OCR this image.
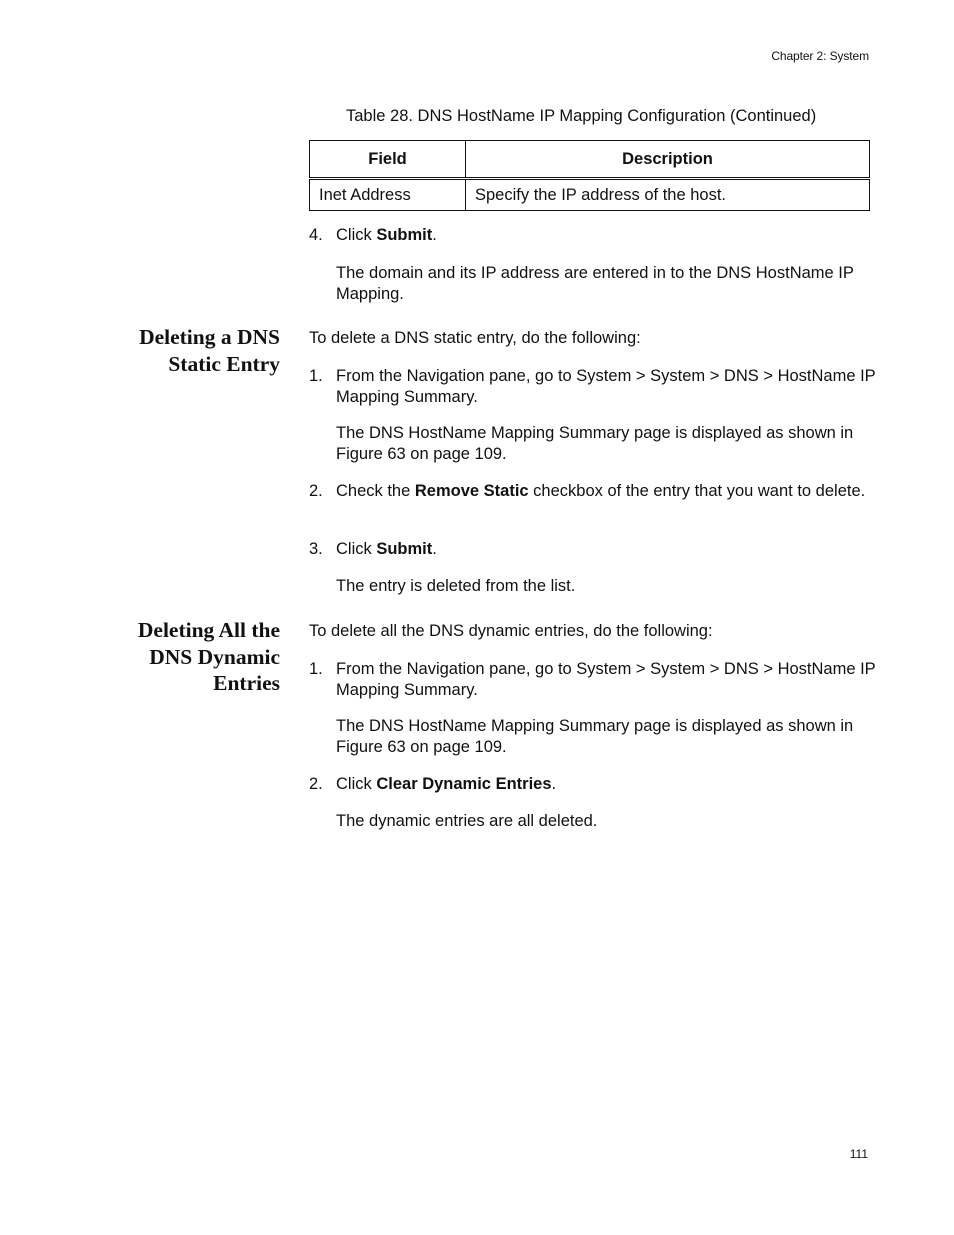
Chapter 2: System
Table 28. DNS HostName IP Mapping Configuration (Continued)
Field	Description
Inet Address	Specify the IP address of the host.
4. Click Submit.
The domain and its IP address are entered in to the DNS HostName IP Mapping.
Deleting a DNS
Static Entry
To delete a DNS static entry, do the following:
1. From the Navigation pane, go to System > System > DNS > HostName IP Mapping Summary.
The DNS HostName Mapping Summary page is displayed as shown in Figure 63 on page 109.
2. Check the Remove Static checkbox of the entry that you want to delete.
3. Click Submit.
The entry is deleted from the list.
Deleting All the
DNS Dynamic
Entries
To delete all the DNS dynamic entries, do the following:
1. From the Navigation pane, go to System > System > DNS > HostName IP Mapping Summary.
The DNS HostName Mapping Summary page is displayed as shown in Figure 63 on page 109.
2. Click Clear Dynamic Entries.
The dynamic entries are all deleted.
111
